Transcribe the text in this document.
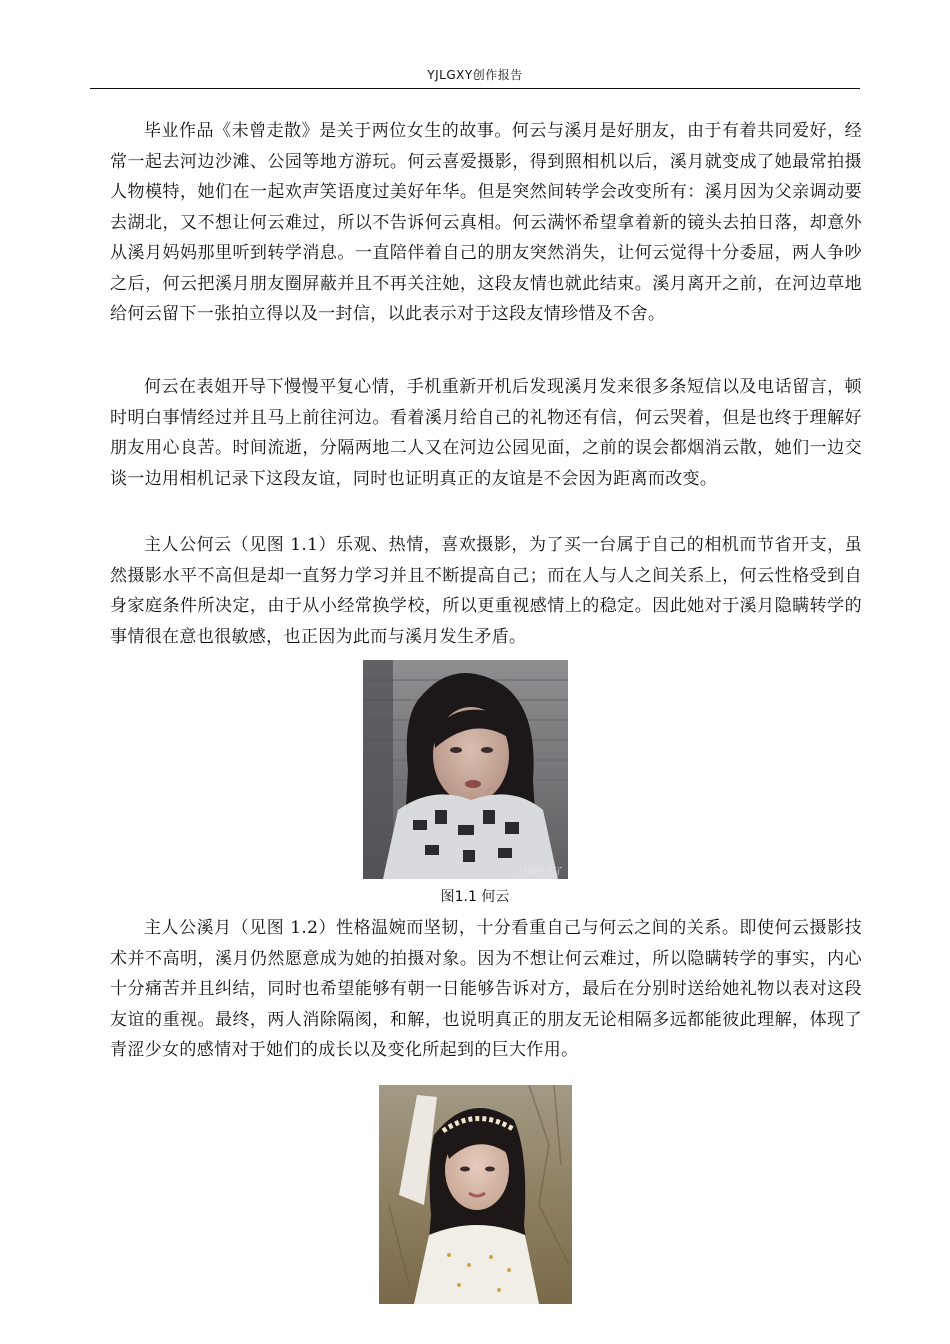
YJLGXY创作报告

毕业作品《未曾走散》是关于两位女生的故事。何云与溪月是好朋友，由于有着共同爱好，经常一起去河边沙滩、公园等地方游玩。何云喜爱摄影，得到照相机以后，溪月就变成了她最常拍摄人物模特，她们在一起欢声笑语度过美好年华。但是突然间转学会改变所有：溪月因为父亲调动要去湖北，又不想让何云难过，所以不告诉何云真相。何云满怀希望拿着新的镜头去拍日落，却意外从溪月妈妈那里听到转学消息。一直陪伴着自己的朋友突然消失，让何云觉得十分委屈，两人争吵之后，何云把溪月朋友圈屏蔽并且不再关注她，这段友情也就此结束。溪月离开之前，在河边草地给何云留下一张拍立得以及一封信，以此表示对于这段友情珍惜及不舍。

何云在表姐开导下慢慢平复心情，手机重新开机后发现溪月发来很多条短信以及电话留言，顿时明白事情经过并且马上前往河边。看着溪月给自己的礼物还有信，何云哭着，但是也终于理解好朋友用心良苦。时间流逝，分隔两地二人又在河边公园见面，之前的误会都烟消云散，她们一边交谈一边用相机记录下这段友谊，同时也证明真正的友谊是不会因为距离而改变。

主人公何云（见图 1.1）乐观、热情，喜欢摄影，为了买一台属于自己的相机而节省开支，虽然摄影水平不高但是却一直努力学习并且不断提高自己；而在人与人之间关系上，何云性格受到自身家庭条件所决定，由于从小经常换学校，所以更重视感情上的稳定。因此她对于溪月隐瞒转学的事情很在意也很敏感，也正因为此而与溪月发生矛盾。

日就得这了
图1.1 何云

主人公溪月（见图 1.2）性格温婉而坚韧，十分看重自己与何云之间的关系。即使何云摄影技术并不高明，溪月仍然愿意成为她的拍摄对象。因为不想让何云难过，所以隐瞒转学的事实，内心十分痛苦并且纠结，同时也希望能够有朝一日能够告诉对方，最后在分别时送给她礼物以表对这段友谊的重视。最终，两人消除隔阂，和解，也说明真正的朋友无论相隔多远都能彼此理解，体现了青涩少女的感情对于她们的成长以及变化所起到的巨大作用。
